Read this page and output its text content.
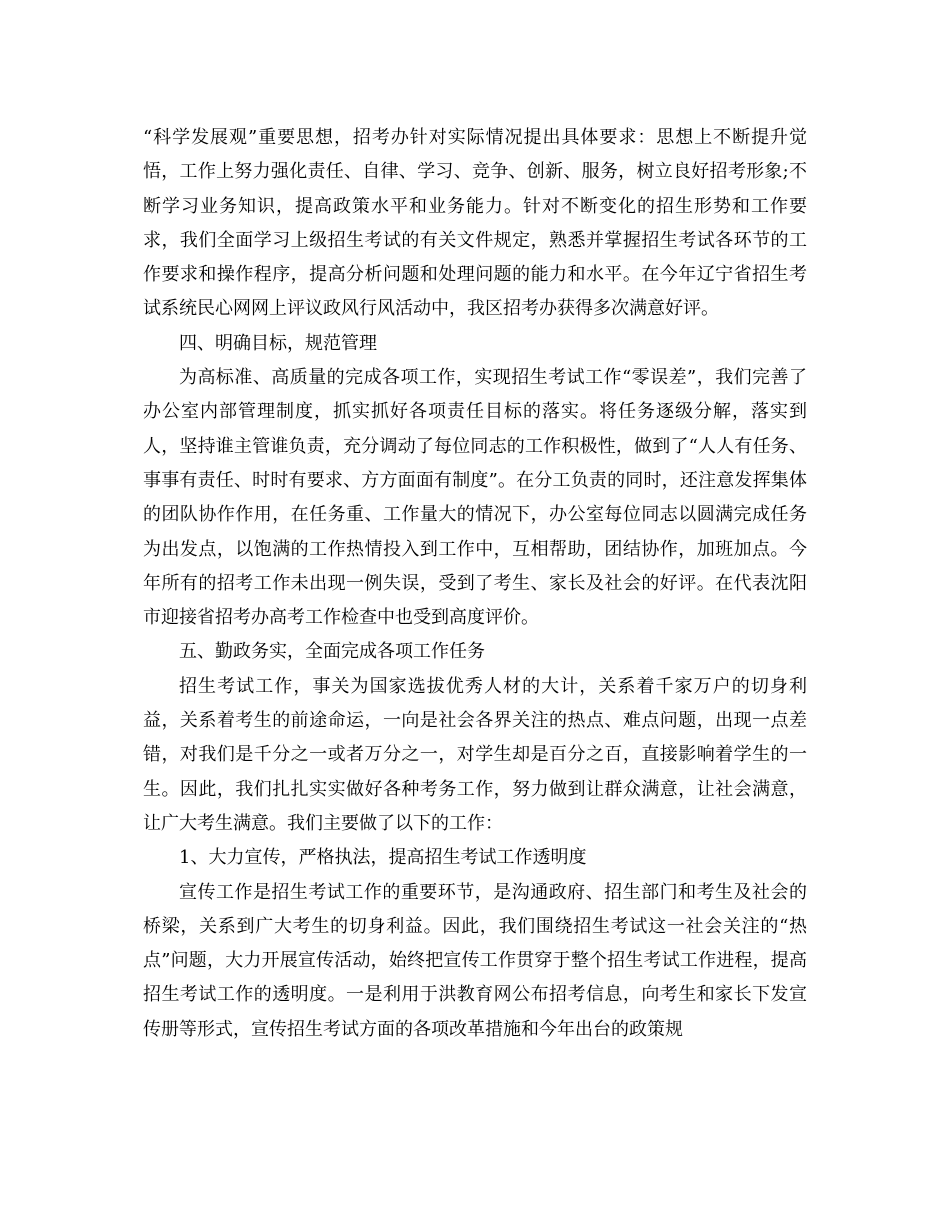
“科学发展观”重要思想，招考办针对实际情况提出具体要求：思想上不断提升觉悟，工作上努力强化责任、自律、学习、竞争、创新、服务，树立良好招考形象;不断学习业务知识，提高政策水平和业务能力。针对不断变化的招生形势和工作要求，我们全面学习上级招生考试的有关文件规定，熟悉并掌握招生考试各环节的工作要求和操作程序，提高分析问题和处理问题的能力和水平。在今年辽宁省招生考试系统民心网网上评议政风行风活动中，我区招考办获得多次满意好评。

四、明确目标，规范管理

为高标准、高质量的完成各项工作，实现招生考试工作“零误差”，我们完善了办公室内部管理制度，抓实抓好各项责任目标的落实。将任务逐级分解，落实到人，坚持谁主管谁负责，充分调动了每位同志的工作积极性，做到了“人人有任务、事事有责任、时时有要求、方方面面有制度”。在分工负责的同时，还注意发挥集体的团队协作作用，在任务重、工作量大的情况下，办公室每位同志以圆满完成任务为出发点，以饱满的工作热情投入到工作中，互相帮助，团结协作，加班加点。今年所有的招考工作未出现一例失误，受到了考生、家长及社会的好评。在代表沈阳市迎接省招考办高考工作检查中也受到高度评价。

五、勤政务实，全面完成各项工作任务

招生考试工作，事关为国家选拔优秀人材的大计，关系着千家万户的切身利益，关系着考生的前途命运，一向是社会各界关注的热点、难点问题，出现一点差错，对我们是千分之一或者万分之一，对学生却是百分之百，直接影响着学生的一生。因此，我们扎扎实实做好各种考务工作，努力做到让群众满意，让社会满意，让广大考生满意。我们主要做了以下的工作：

1、大力宣传，严格执法，提高招生考试工作透明度

宣传工作是招生考试工作的重要环节，是沟通政府、招生部门和考生及社会的桥梁，关系到广大考生的切身利益。因此，我们围绕招生考试这一社会关注的“热点”问题，大力开展宣传活动，始终把宣传工作贯穿于整个招生考试工作进程，提高招生考试工作的透明度。一是利用于洪教育网公布招考信息，向考生和家长下发宣传册等形式，宣传招生考试方面的各项改革措施和今年出台的政策规
